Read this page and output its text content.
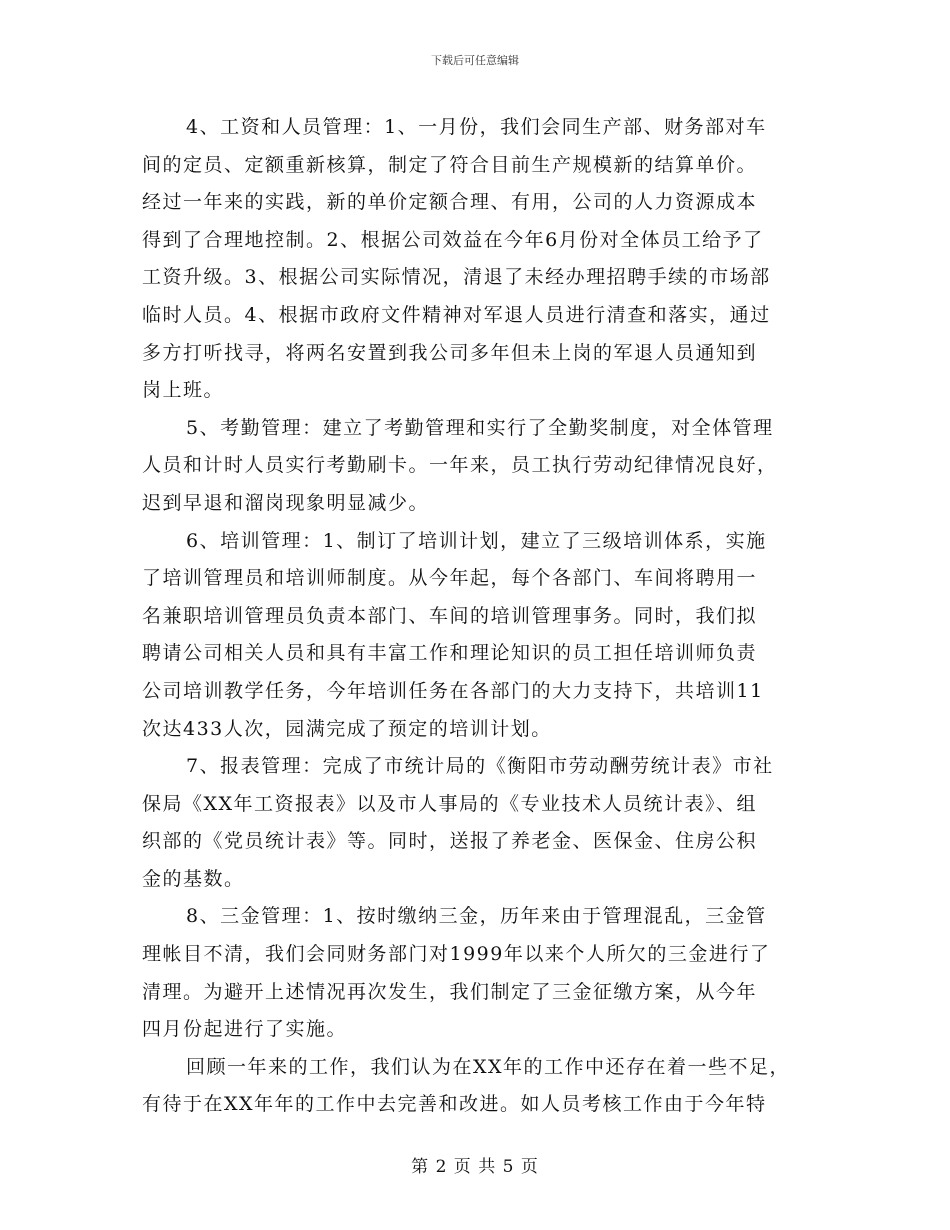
下载后可任意编辑
4、工资和人员管理：1、一月份，我们会同生产部、财务部对车
间的定员、定额重新核算，制定了符合目前生产规模新的结算单价。
经过一年来的实践，新的单价定额合理、有用，公司的人力资源成本
得到了合理地控制。2、根据公司效益在今年6月份对全体员工给予了
工资升级。3、根据公司实际情况，清退了未经办理招聘手续的市场部
临时人员。4、根据市政府文件精神对军退人员进行清查和落实，通过
多方打听找寻，将两名安置到我公司多年但未上岗的军退人员通知到
岗上班。
5、考勤管理：建立了考勤管理和实行了全勤奖制度，对全体管理
人员和计时人员实行考勤刷卡。一年来，员工执行劳动纪律情况良好，
迟到早退和溜岗现象明显减少。
6、培训管理：1、制订了培训计划，建立了三级培训体系，实施
了培训管理员和培训师制度。从今年起，每个各部门、车间将聘用一
名兼职培训管理员负责本部门、车间的培训管理事务。同时，我们拟
聘请公司相关人员和具有丰富工作和理论知识的员工担任培训师负责
公司培训教学任务，今年培训任务在各部门的大力支持下，共培训11
次达433人次，园满完成了预定的培训计划。
7、报表管理：完成了市统计局的《衡阳市劳动酬劳统计表》市社
保局《XX年工资报表》以及市人事局的《专业技术人员统计表》、组
织部的《党员统计表》等。同时，送报了养老金、医保金、住房公积
金的基数。
8、三金管理：1、按时缴纳三金，历年来由于管理混乱，三金管
理帐目不清，我们会同财务部门对1999年以来个人所欠的三金进行了
清理。为避开上述情况再次发生，我们制定了三金征缴方案，从今年
四月份起进行了实施。
回顾一年来的工作，我们认为在XX年的工作中还存在着一些不足，
有待于在XX年年的工作中去完善和改进。如人员考核工作由于今年特
第 2 页 共 5 页
